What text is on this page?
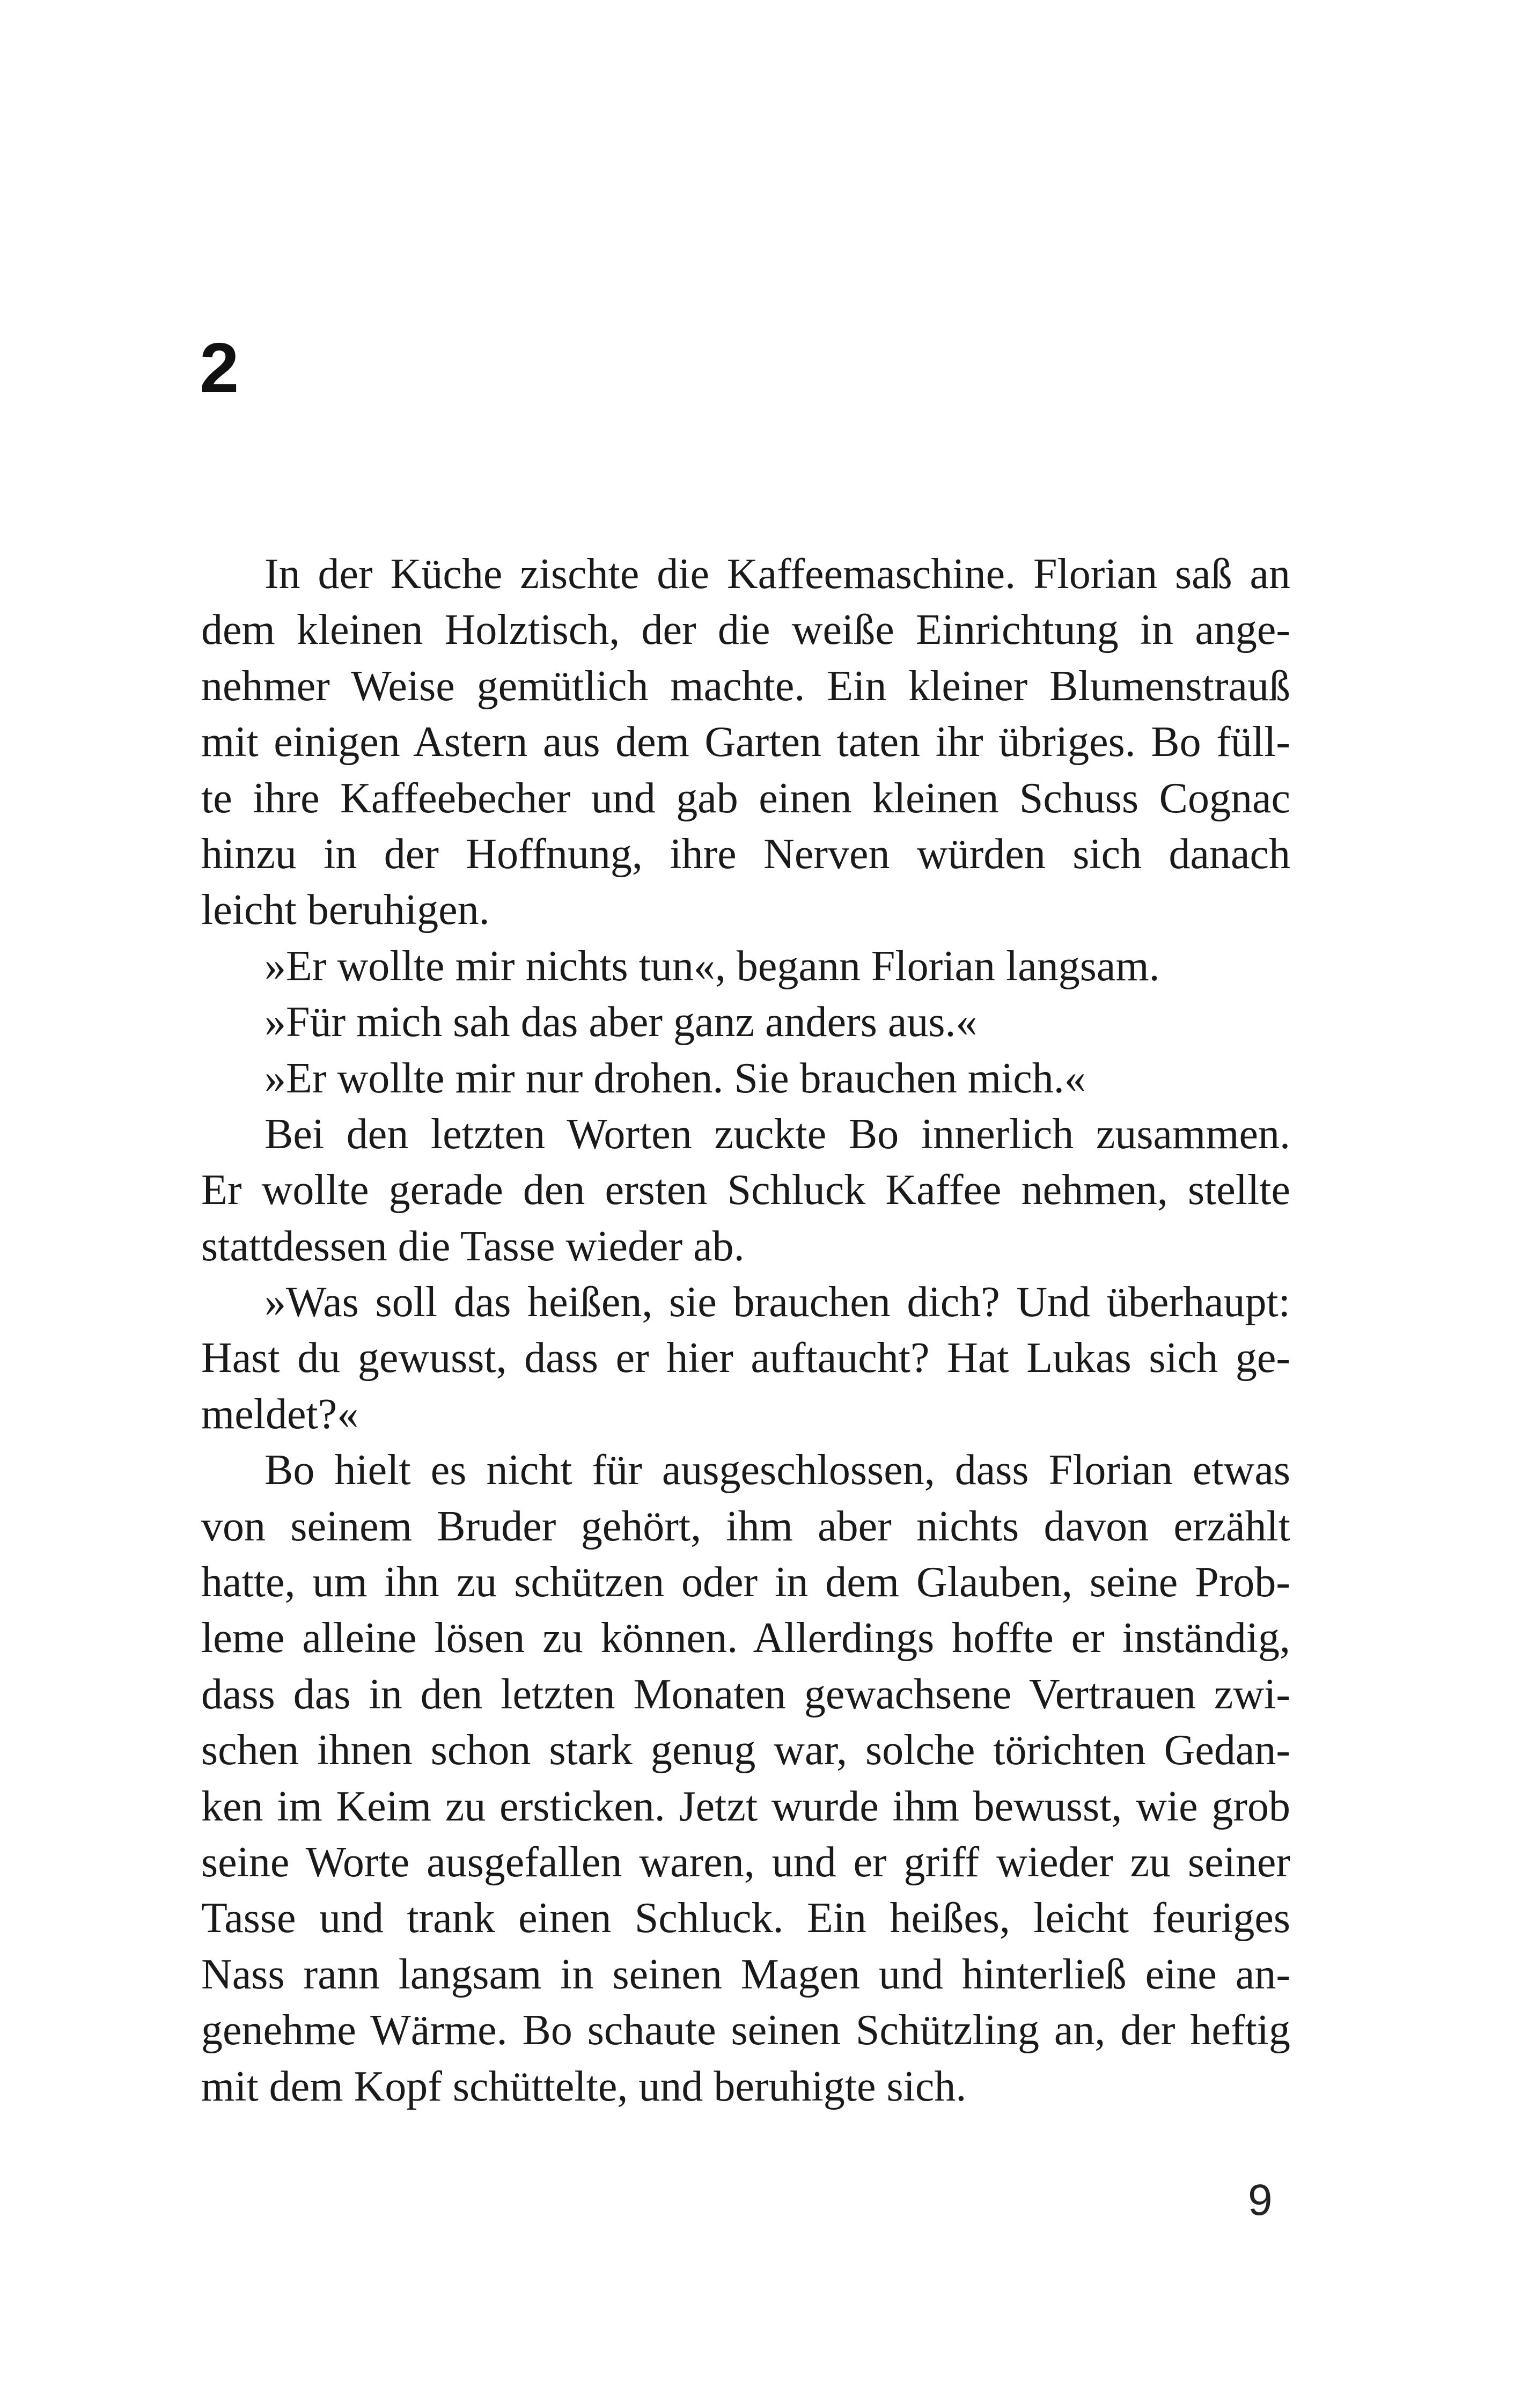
2
In der Küche zischte die Kaffeemaschine. Florian saß an
dem kleinen Holztisch, der die weiße Einrichtung in ange-
nehmer Weise gemütlich machte. Ein kleiner Blumenstrauß
mit einigen Astern aus dem Garten taten ihr übriges. Bo füll-
te ihre Kaffeebecher und gab einen kleinen Schuss Cognac
hinzu in der Hoffnung, ihre Nerven würden sich danach
leicht beruhigen.
»Er wollte mir nichts tun«, begann Florian langsam.
»Für mich sah das aber ganz anders aus.«
»Er wollte mir nur drohen. Sie brauchen mich.«
Bei den letzten Worten zuckte Bo innerlich zusammen.
Er wollte gerade den ersten Schluck Kaffee nehmen, stellte
stattdessen die Tasse wieder ab.
»Was soll das heißen, sie brauchen dich? Und überhaupt:
Hast du gewusst, dass er hier auftaucht? Hat Lukas sich ge-
meldet?«
Bo hielt es nicht für ausgeschlossen, dass Florian etwas
von seinem Bruder gehört, ihm aber nichts davon erzählt
hatte, um ihn zu schützen oder in dem Glauben, seine Prob-
leme alleine lösen zu können. Allerdings hoffte er inständig,
dass das in den letzten Monaten gewachsene Vertrauen zwi-
schen ihnen schon stark genug war, solche törichten Gedan-
ken im Keim zu ersticken. Jetzt wurde ihm bewusst, wie grob
seine Worte ausgefallen waren, und er griff wieder zu seiner
Tasse und trank einen Schluck. Ein heißes, leicht feuriges
Nass rann langsam in seinen Magen und hinterließ eine an-
genehme Wärme. Bo schaute seinen Schützling an, der heftig
mit dem Kopf schüttelte, und beruhigte sich.
9
